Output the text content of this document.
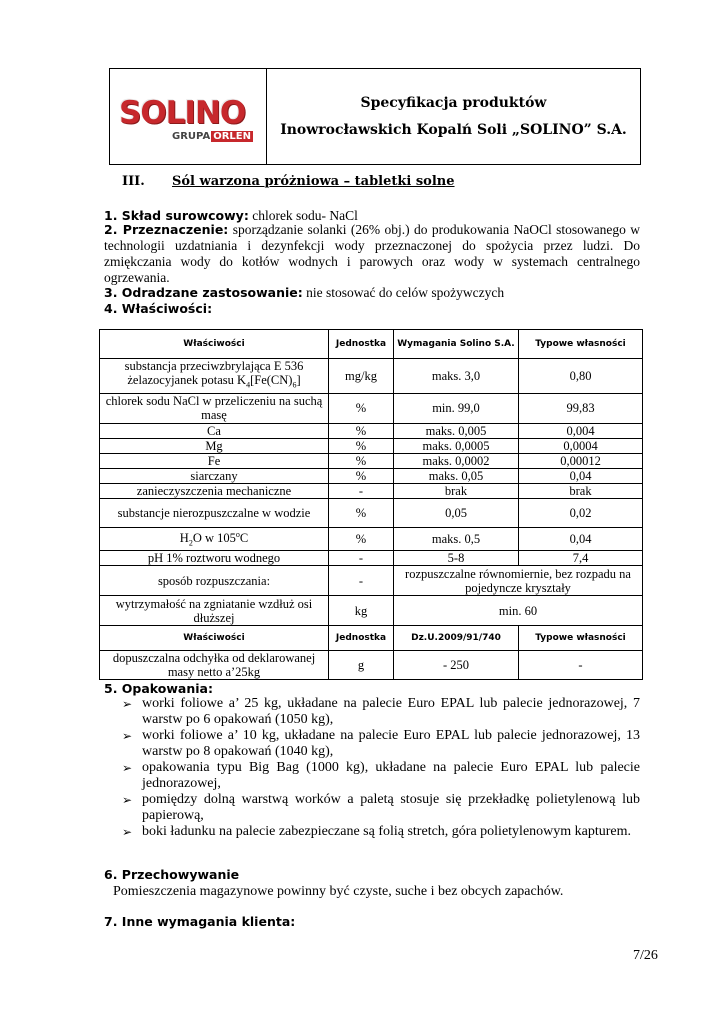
SOLINO
GRUPA ORLEN
Specyfikacja produktów
Inowrocławskich Kopalń Soli „SOLINO” S.A.
III. Sól warzona próżniowa – tabletki solne
1. Skład surowcowy: chlorek sodu- NaCl
2. Przeznaczenie: sporządzanie solanki (26% obj.) do produkowania NaOCl stosowanego w technologii uzdatniania i dezynfekcji wody przeznaczonej do spożycia przez ludzi. Do zmiękczania wody do kotłów wodnych i parowych oraz wody w systemach centralnego ogrzewania.
3. Odradzane zastosowanie: nie stosować do celów spożywczych
4. Właściwości:
Właściwości	Jednostka	Wymagania Solino S.A.	Typowe własności
substancja przeciwzbrylająca E 536
żelazocyjanek potasu $K_4[Fe(CN)_6]$	mg/kg	maks. 3,0	0,80
chlorek sodu NaCl w przeliczeniu na suchą masę	%	min. 99,0	99,83
Ca	%	maks. 0,005	0,004
Mg	%	maks. 0,0005	0,0004
Fe	%	maks. 0,0002	0,00012
siarczany	%	maks. 0,05	0,04
zanieczyszczenia mechaniczne	-	brak	brak
substancje nierozpuszczalne w wodzie	%	0,05	0,02
$H_2O$ w 105$^o$C	%	maks. 0,5	0,04
pH 1% roztworu wodnego	-	5-8	7,4
sposób rozpuszczania:	-	rozpuszczalne równomiernie, bez rozpadu na pojedyncze kryształy	
wytrzymałość na zgniatanie wzdłuż osi dłuższej	kg	min. 60	
Właściwości	Jednostka	Dz.U.2009/91/740	Typowe własności
dopuszczalna odchyłka od deklarowanej masy netto a’25kg	g	- 250	-
5. Opakowania:
➢ worki foliowe a’ 25 kg, układane na palecie Euro EPAL lub palecie jednorazowej, 7 warstw po 6 opakowań (1050 kg),
➢ worki foliowe a’ 10 kg, układane na palecie Euro EPAL lub palecie jednorazowej, 13 warstw po 8 opakowań (1040 kg),
➢ opakowania typu Big Bag (1000 kg), układane na palecie Euro EPAL lub palecie jednorazowej,
➢ pomiędzy dolną warstwą worków a paletą stosuje się przekładkę polietylenową lub papierową,
➢ boki ładunku na palecie zabezpieczane są folią stretch, góra polietylenowym kapturem.
6. Przechowywanie
Pomieszczenia magazynowe powinny być czyste, suche i bez obcych zapachów.
7. Inne wymagania klienta:
7/26
